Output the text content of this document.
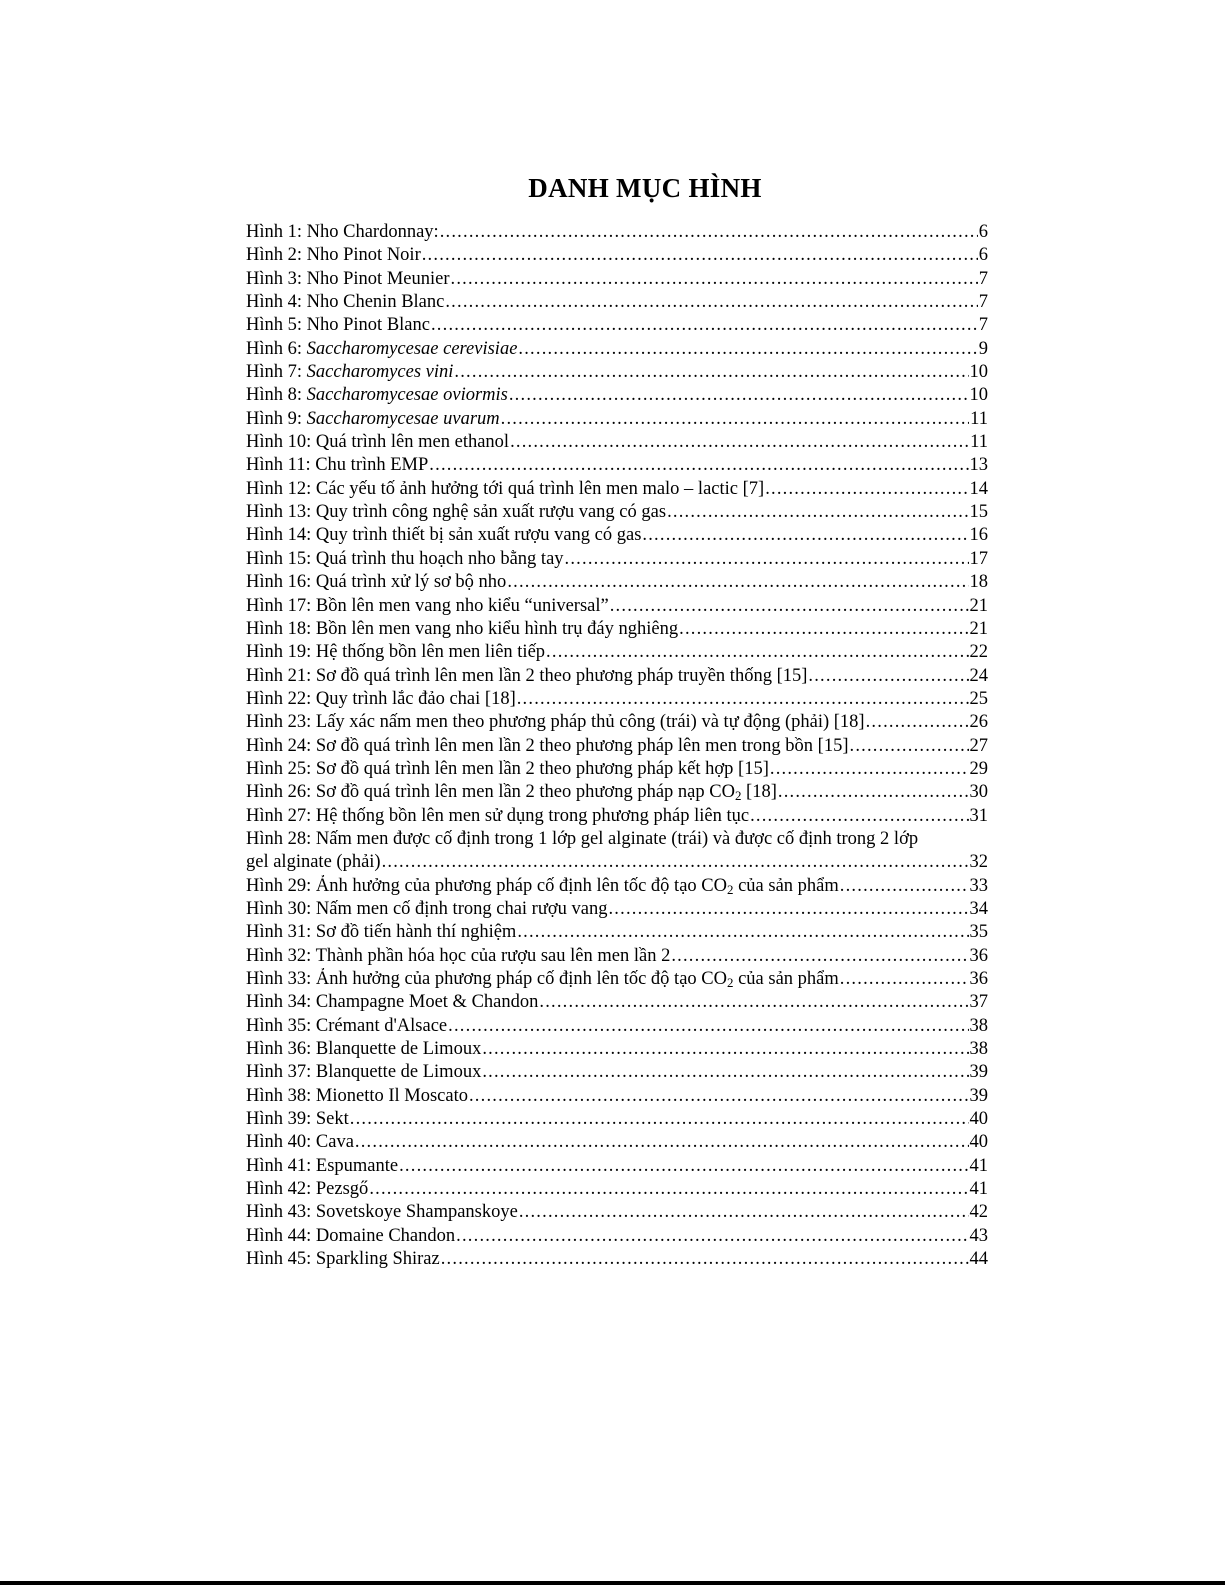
DANH MỤC HÌNH
Hình 1: Nho Chardonnay: .....	6
Hình 2: Nho Pinot Noir .....	6
Hình 3: Nho Pinot Meunier .....	7
Hình 4: Nho Chenin Blanc .....	7
Hình 5: Nho Pinot Blanc .....	7
Hình 6: Saccharomycesae cerevisiae .....	9
Hình 7: Saccharomyces vini .....	10
Hình 8: Saccharomycesae oviormis .....	10
Hình 9: Saccharomycesae uvarum .....	11
Hình 10: Quá trình lên men ethanol .....	11
Hình 11: Chu trình EMP .....	13
Hình 12: Các yếu tố ảnh hưởng tới quá trình lên men malo – lactic [7] .....	14
Hình 13: Quy trình công nghệ sản xuất rượu vang có gas .....	15
Hình 14: Quy trình thiết bị sản xuất rượu vang có gas .....	16
Hình 15: Quá trình thu hoạch nho bằng tay .....	17
Hình 16: Quá trình xử lý sơ bộ nho .....	18
Hình 17: Bồn lên men vang nho kiểu “universal” .....	21
Hình 18: Bồn lên men vang nho kiểu hình trụ đáy nghiêng .....	21
Hình 19: Hệ thống bồn lên men liên tiếp .....	22
Hình 21: Sơ đồ quá trình lên men lần 2 theo phương pháp truyền thống [15] .....	24
Hình 22: Quy trình lắc đảo chai [18] .....	25
Hình 23: Lấy xác nấm men theo phương pháp thủ công (trái) và tự động (phải) [18] .....	26
Hình 24: Sơ đồ quá trình lên men lần 2 theo phương pháp lên men trong bồn [15] .....	27
Hình 25: Sơ đồ quá trình lên men lần 2 theo phương pháp kết hợp [15] .....	29
Hình 26: Sơ đồ quá trình lên men lần 2 theo phương pháp nạp $CO_2$ [18] .....	30
Hình 27: Hệ thống bồn lên men sử dụng trong phương pháp liên tục .....	31
Hình 28: Nấm men được cố định trong 1 lớp gel alginate (trái) và được cố định trong 2 lớp
gel alginate (phải) .....	32
Hình 29: Ảnh hưởng của phương pháp cố định lên tốc độ tạo $CO_2$ của sản phẩm .....	33
Hình 30: Nấm men cố định trong chai rượu vang .....	34
Hình 31: Sơ đồ tiến hành thí nghiệm .....	35
Hình 32: Thành phần hóa học của rượu sau lên men lần 2 .....	36
Hình 33: Ảnh hưởng của phương pháp cố định lên tốc độ tạo $CO_2$ của sản phẩm .....	36
Hình 34: Champagne Moet & Chandon .....	37
Hình 35: Crémant d'Alsace .....	38
Hình 36: Blanquette de Limoux .....	38
Hình 37: Blanquette de Limoux .....	39
Hình 38: Mionetto Il Moscato .....	39
Hình 39: Sekt .....	40
Hình 40: Cava .....	40
Hình 41: Espumante .....	41
Hình 42: Pezsgő .....	41
Hình 43: Sovetskoye Shampanskoye .....	42
Hình 44: Domaine Chandon .....	43
Hình 45: Sparkling Shiraz .....	44
